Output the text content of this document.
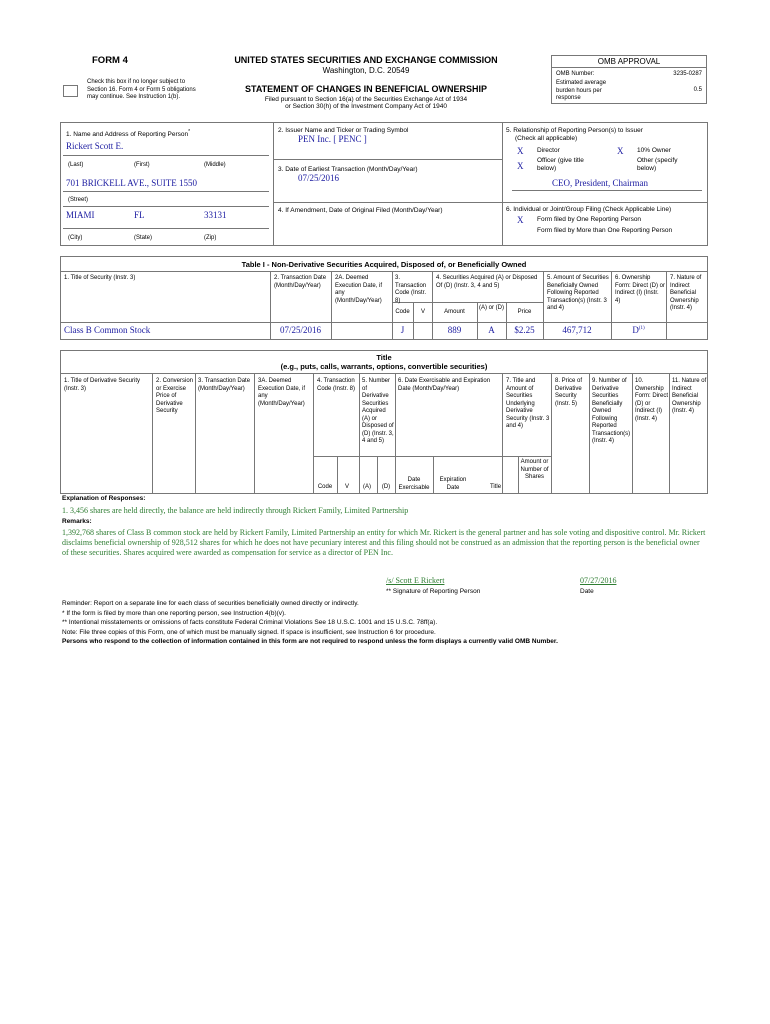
FORM 4	UNITED STATES SECURITIES AND EXCHANGE COMMISSION
Washington, D.C. 20549
Check this box if no longer subject to Section 16. Form 4 or Form 5 obligations may continue. See Instruction 1(b).
STATEMENT OF CHANGES IN BENEFICIAL OWNERSHIP
Filed pursuant to Section 16(a) of the Securities Exchange Act of 1934
or Section 30(h) of the Investment Company Act of 1940
OMB APPROVAL
OMB Number:	3235-0287
Estimated average burden hours per response
0.5
1. Name and Address of Reporting Person*
Rickert Scott E.
(Last)	(First)	(Middle)
701 BRICKELL AVE., SUITE 1550
(Street)
MIAMI	FL	33131
(City)	(State)	(Zip)
2. Issuer Name and Ticker or Trading Symbol
PEN Inc. [ PENC ]
3. Date of Earliest Transaction (Month/Day/Year)
07/25/2016
4. If Amendment, Date of Original Filed (Month/Day/Year)
5. Relationship of Reporting Person(s) to Issuer
(Check all applicable)
X Director	X 10% Owner
X
Officer (give title below)
Other (specify below)
CEO, President, Chairman
6. Individual or Joint/Group Filing (Check Applicable Line)
X Form filed by One Reporting Person
Form filed by More than One Reporting Person
Table I - Non-Derivative Securities Acquired, Disposed of, or Beneficially Owned
1. Title of Security (Instr. 3)	2. Transaction Date (Month/Day/Year)
2A. Deemed Execution Date, if any (Month/Day/Year)
3. Transaction Code (Instr. 8)
4. Securities Acquired (A) or Disposed Of (D) (Instr. 3, 4 and 5)
5. Amount of Securities Beneficially Owned Following Reported Transaction(s) (Instr. 3 and 4)
6. Ownership Form: Direct (D) or Indirect (I) (Instr. 4)
7. Nature of Indirect Beneficial Ownership (Instr. 4)
Code	V	Amount
(A) or (D)
Price
Class B Common Stock	07/25/2016	J	889	A	$2.25	467,712	$D^{(1)}$
Title
(e.g., puts, calls, warrants, options, convertible securities)
1. Title of Derivative Security (Instr. 3)
2. Conversion or Exercise Price of Derivative Security
3. Transaction Date (Month/Day/Year)
3A. Deemed Execution Date, if any (Month/Day/Year)
4. Transaction Code (Instr. 8)
5. Number of Derivative Securities Acquired (A) or Disposed of (D) (Instr. 3, 4 and 5)
6. Date Exercisable and Expiration Date (Month/Day/Year)
7. Title and Amount of Securities Underlying Derivative Security (Instr. 3 and 4)
8. Price of Derivative Security (Instr. 5)
9. Number of Derivative Securities Beneficially Owned Following Reported Transaction(s) (Instr. 4)
10. Ownership Form: Direct (D) or Indirect (I) (Instr. 4)
11. Nature of Indirect Beneficial Ownership (Instr. 4)
Code	V	(A)	(D)
Date Exercisable
Expiration Date	Title
Amount or Number of Shares
Explanation of Responses:
1. 3,456 shares are held directly, the balance are held indirectly through Rickert Family, Limited Partnership
Remarks:
1,392,768 shares of Class B common stock are held by Rickert Family, Limited Partnership an entity for which Mr. Rickert is the general partner and has sole voting and dispositive control. Mr. Rickert disclaims beneficial ownership of 928,512 shares for which he does not have pecuniary interest and this filing should not be construed as an admission that the reporting person is the beneficial owner of these securities. Shares acquired were awarded as compensation for service as a director of PEN Inc.
/s/ Scott E Rickert
** Signature of Reporting Person
07/27/2016
Date
Reminder: Report on a separate line for each class of securities beneficially owned directly or indirectly.
* If the form is filed by more than one reporting person, see Instruction 4(b)(v).
** Intentional misstatements or omissions of facts constitute Federal Criminal Violations See 18 U.S.C. 1001 and 15 U.S.C. 78ff(a).
Note: File three copies of this Form, one of which must be manually signed. If space is insufficient, see Instruction 6 for procedure.
Persons who respond to the collection of information contained in this form are not required to respond unless the form displays a currently valid OMB Number.
